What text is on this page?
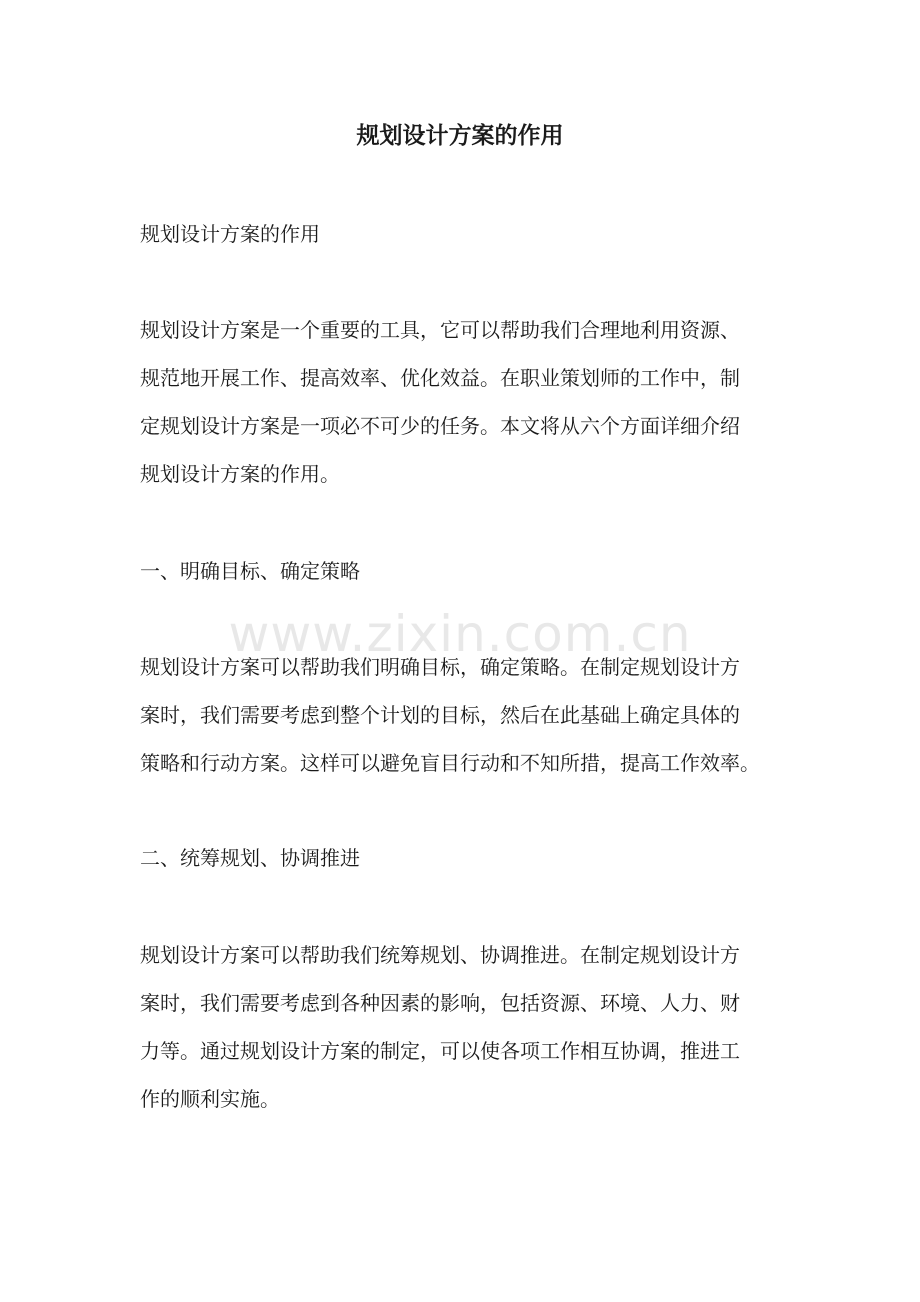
规划设计方案的作用

规划设计方案的作用

规划设计方案是一个重要的工具，它可以帮助我们合理地利用资源、
规范地开展工作、提高效率、优化效益。在职业策划师的工作中，制
定规划设计方案是一项必不可少的任务。本文将从六个方面详细介绍
规划设计方案的作用。

一、明确目标、确定策略

规划设计方案可以帮助我们明确目标，确定策略。在制定规划设计方
案时，我们需要考虑到整个计划的目标，然后在此基础上确定具体的
策略和行动方案。这样可以避免盲目行动和不知所措，提高工作效率。

二、统筹规划、协调推进

规划设计方案可以帮助我们统筹规划、协调推进。在制定规划设计方
案时，我们需要考虑到各种因素的影响，包括资源、环境、人力、财
力等。通过规划设计方案的制定，可以使各项工作相互协调，推进工
作的顺利实施。
www.zixin.com.cn
